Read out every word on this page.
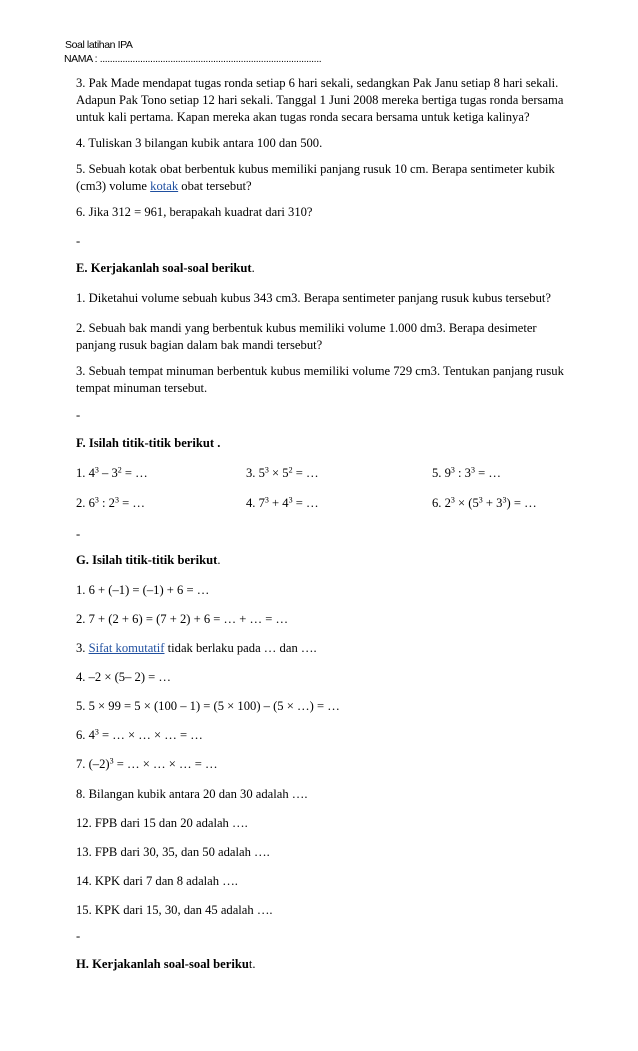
Soal latihan IPA
NAMA : ........................................................................................
3. Pak Made mendapat tugas ronda setiap 6 hari sekali, sedangkan Pak Janu setiap 8 hari sekali.
Adapun Pak Tono setiap 12 hari sekali. Tanggal 1 Juni 2008 mereka bertiga tugas ronda bersama
untuk kali pertama. Kapan mereka akan tugas ronda secara bersama untuk ketiga kalinya?
4. Tuliskan 3 bilangan kubik antara 100 dan 500.
5. Sebuah kotak obat berbentuk kubus memiliki panjang rusuk 10 cm. Berapa sentimeter kubik
(cm3) volume kotak obat tersebut?
6. Jika 312 = 961, berapakah kuadrat dari 310?
-
E. Kerjakanlah soal-soal berikut.
1. Diketahui volume sebuah kubus 343 cm3. Berapa sentimeter panjang rusuk kubus tersebut?
2. Sebuah bak mandi yang berbentuk kubus memiliki volume 1.000 dm3. Berapa desimeter
panjang rusuk bagian dalam bak mandi tersebut?
3. Sebuah tempat minuman berbentuk kubus memiliki volume 729 cm3. Tentukan panjang rusuk
tempat minuman tersebut.
-
F. Isilah titik-titik berikut .
1. $4^3 - 3^2$ = …	3. $5^3 \times 5^2$ = …	5. $9^3$ : $3^3$ = …
2. $6^3$ : $2^3$ = …	4. $7^3 + 4^3$ = …	6. $2^3 \times (5^3 + 3^3)$ = …
-
G. Isilah titik-titik berikut.
1. 6 + (–1) = (–1) + 6 = …
2. 7 + (2 + 6) = (7 + 2) + 6 = … + … = …
3. Sifat komutatif tidak berlaku pada … dan ….
4. –2 × (5– 2) = …
5. 5 × 99 = 5 × (100 – 1) = (5 × 100) – (5 × …) = …
6. $4^3$ = … × … × … = …
7. $(-2)^3$ = … × … × … = …
8. Bilangan kubik antara 20 dan 30 adalah ….
12. FPB dari 15 dan 20 adalah ….
13. FPB dari 30, 35, dan 50 adalah ….
14. KPK dari 7 dan 8 adalah ….
15. KPK dari 15, 30, dan 45 adalah ….
-
H. Kerjakanlah soal-soal berikut.
